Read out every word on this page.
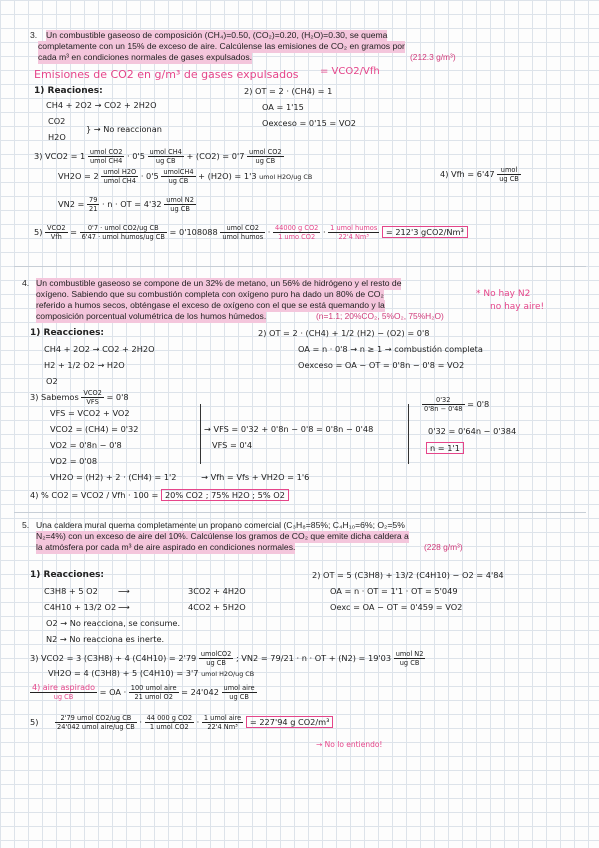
3. Un combustible gaseoso de composición (CH₄)=0.50, (CO₂)=0.20, (H₂O)=0.30, se quema
completamente con un 15% de exceso de aire. Calcúlense las emisiones de CO₂ en gramos por
cada m³ en condiciones normales de gases expulsados.	(212.3 g/m³)
Emisiones de CO2 en g/m³ de gases expulsados = VCO2/Vfh
1) Reaciones:
CH4 + 2O2 → CO2 + 2H2O
CO2
H2O
} → No reaccionan
2) OT = 2 · (CH4) = 1
OA = 1'15
Oexceso = 0'15 = VO2
3) $VCO2 = 1 \frac{\text{umol CO2}}{\text{umol CH4}} \cdot 0'5 \frac{\text{umol CH4}}{\text{ug CB}} + (CO2) = 0'7 \frac{\text{umol CO2}}{\text{ug CB}}$
$VH2O = 2 \frac{\text{umol H2O}}{\text{umol CH4}} \cdot 0'5 \frac{\text{umolCH4}}{\text{ug CB}} + (H2O) = 1'3$ umol H2O/ug CB	4) Vfh = $6'47 \frac{\text{umol}}{\text{ug CB}}$
$VN2 = \frac{79}{21} \cdot n$ · OT = $4'32 \frac{\text{umol N2}}{\text{ug CB}}$
$5) \frac{\text{VCO2}}{\text{Vfh}} = \frac{\text{0'7 · umol CO2/ug CB}}{\text{6'47 · umol humos/ug CB}} = 0'108088 \frac{\text{umol CO2}}{\text{umol humos}} \cdot \frac{\text{44000 g CO2}}{\text{1 umo CO2}} \cdot \frac{\text{1 umol humos}}{\text{22'4 Nm³}} = 212'3$ gCO2/Nm³
4. Un combustible gaseoso se compone de un 32% de metano, un 56% de hidrógeno y el resto de
oxígeno. Sabiendo que su combustión completa con oxígeno puro ha dado un 80% de CO₂
referido a humos secos, obténgase el exceso de oxígeno con el que se está quemando y la
composición porcentual volumétrica de los humos húmedos.	(n=1.1; 20%CO₂, 5%O₂, 75%H₂O)
* No hay N2
no hay aire!
1) Reacciones:
CH4 + 2O2 → CO2 + 2H2O
H2 + 1/2 O2 → H2O
O2
2) OT = 2 · (CH4) + 1/2 (H2) − (O2) = 0'8
OA = n · 0'8 → n ≥ 1 → combustión completa
Oexceso = OA − OT = 0'8n − 0'8 = VO2
3) Sabemos $\frac{\text{VCO2}}{\text{VFS}} = 0'8$
VFS = VCO2 + VO2
VCO2 = (CH4) = 0'32
VO2 = 0'8n − 0'8
VO2 = 0'08
VH2O = (H2) + 2 · (CH4) = 1'2	→ Vfh = Vfs + VH2O = 1'6
→ VFS = 0'32 + 0'8n − 0'8 = 0'8n − 0'48
VFS = 0'4
$\frac{0'32}{0'8n - 0'48} = 0'8$
0'32 = 0'64n − 0'384
n = 1'1
4) % CO2 = VCO2 / Vfh · 100 = 20% CO2 ; 75% H2O ; 5% O2
5. Una caldera mural quema completamente un propano comercial (C₃H₈=85%; C₄H₁₀=6%; O₂=5%
N₂=4%) con un exceso de aire del 10%. Calcúlense los gramos de CO₂ que emite dicha caldera a
la atmósfera por cada m³ de aire aspirado en condiciones normales.	(228 g/m³)
1) Reacciones:
C3H8 + 5 O2 ⟶	3CO2 + 4H2O
C4H10 + 13/2 O2 ⟶	4CO2 + 5H2O
O2 → No reacciona, se consume.
N2 → No reacciona es inerte.
2) OT = 5 (C3H8) + 13/2 (C4H10) − O2 = 4'84
OA = n · OT = 1'1 · OT = 5'049
Oexc = OA − OT = 0'459 = VO2
3) VCO2 = 3 (C3H8) + 4 $(C4H10) = 2'79 \frac{\text{umolCO2}}{\text{ug CB}}$ ; VN2 = 79/21 · n · OT + $(N2) = 19'03 \frac{\text{umol N2}}{\text{ug CB}}$
VH2O = 4 (C3H8) + 5 (C4H10) = 3'7 umol H2O/ug CB
$\frac{\text{4) aire aspirado}}{\text{ug CB}}$ = OA · $\frac{\text{100 umol aire}}{\text{21 umol O2}} = 24'042 \frac{\text{umol aire}}{\text{ug CB}}$
5)	$\frac{\text{2'79 umol CO2/ug CB}}{\text{24'042 umol aire/ug CB}} \cdot \frac{\text{44 000 g CO2}}{\text{1 umol CO2}} \cdot \frac{\text{1 umol aire}}{\text{22'4 Nm³}} = 227'94$ g CO2/m³
→ No lo entiendo!
